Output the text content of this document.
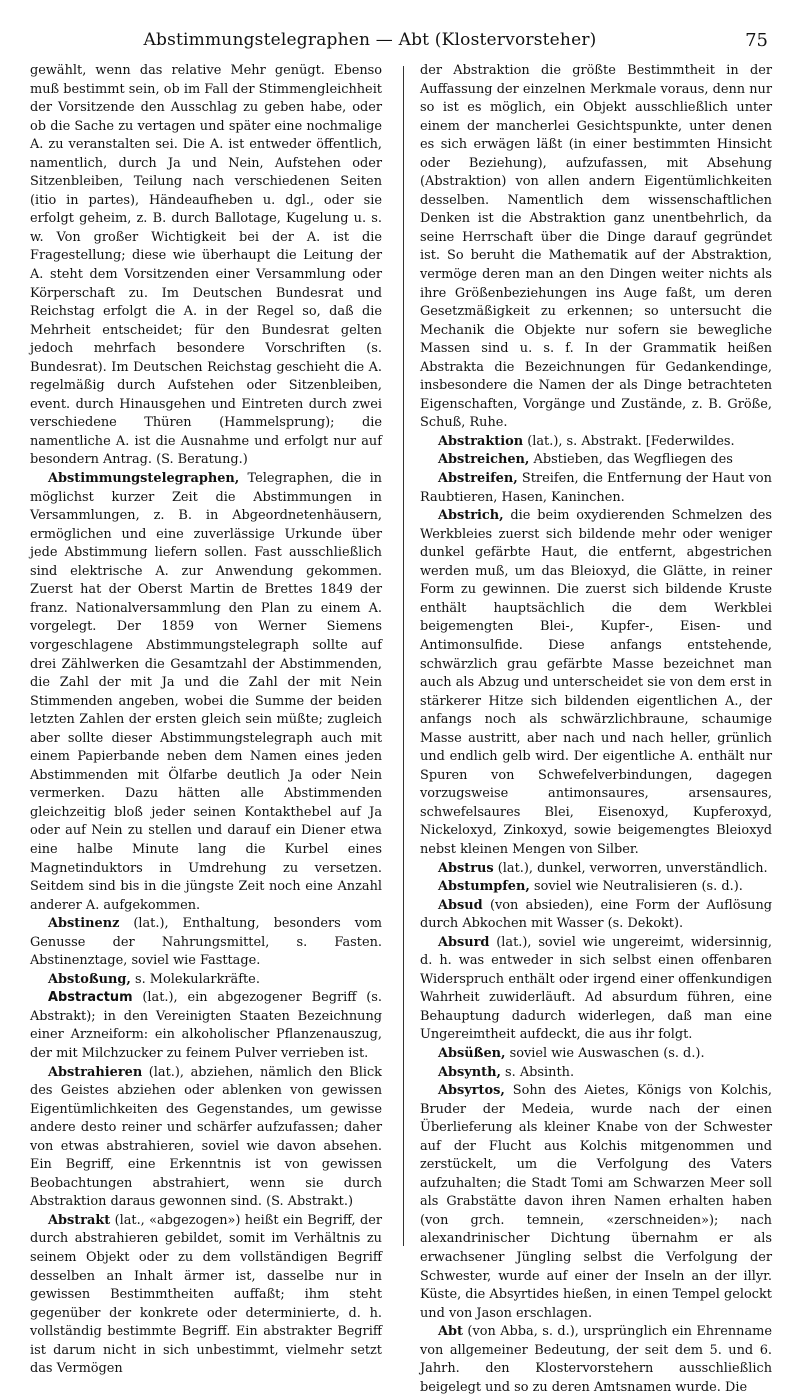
Abstimmungstelegraphen — Abt (Klostervorsteher)	75

gewählt, wenn das relative Mehr genügt. Ebenso muß bestimmt sein, ob im Fall der Stimmengleichheit der Vorsitzende den Ausschlag zu geben habe, oder ob die Sache zu vertagen und später eine nochmalige A. zu veranstalten sei. Die A. ist entweder öffentlich, namentlich, durch Ja und Nein, Aufstehen oder Sitzenbleiben, Teilung nach verschiedenen Seiten (itio in partes), Händeaufheben u. dgl., oder sie erfolgt geheim, z. B. durch Ballotage, Kugelung u. s. w. Von großer Wichtigkeit bei der A. ist die Fragestellung; diese wie überhaupt die Leitung der A. steht dem Vorsitzenden einer Versammlung oder Körperschaft zu. Im Deutschen Bundesrat und Reichstag erfolgt die A. in der Regel so, daß die Mehrheit entscheidet; für den Bundesrat gelten jedoch mehrfach besondere Vorschriften (s. Bundesrat). Im Deutschen Reichstag geschieht die A. regelmäßig durch Aufstehen oder Sitzenbleiben, event. durch Hinausgehen und Eintreten durch zwei verschiedene Thüren (Hammelsprung); die namentliche A. ist die Ausnahme und erfolgt nur auf besondern Antrag. (S. Beratung.)

Abstimmungstelegraphen, Telegraphen, die in möglichst kurzer Zeit die Abstimmungen in Versammlungen, z. B. in Abgeordnetenhäusern, ermöglichen und eine zuverlässige Urkunde über jede Abstimmung liefern sollen. Fast ausschließlich sind elektrische A. zur Anwendung gekommen. Zuerst hat der Oberst Martin de Brettes 1849 der franz. Nationalversammlung den Plan zu einem A. vorgelegt. Der 1859 von Werner Siemens vorgeschlagene Abstimmungstelegraph sollte auf drei Zählwerken die Gesamtzahl der Abstimmenden, die Zahl der mit Ja und die Zahl der mit Nein Stimmenden angeben, wobei die Summe der beiden letzten Zahlen der ersten gleich sein müßte; zugleich aber sollte dieser Abstimmungstelegraph auch mit einem Papierbande neben dem Namen eines jeden Abstimmenden mit Ölfarbe deutlich Ja oder Nein vermerken. Dazu hätten alle Abstimmenden gleichzeitig bloß jeder seinen Kontakthebel auf Ja oder auf Nein zu stellen und darauf ein Diener etwa eine halbe Minute lang die Kurbel eines Magnetinduktors in Umdrehung zu versetzen. Seitdem sind bis in die jüngste Zeit noch eine Anzahl anderer A. aufgekommen.

Abstinenz (lat.), Enthaltung, besonders vom Genusse der Nahrungsmittel, s. Fasten. Abstinenztage, soviel wie Fasttage.

Abstoßung, s. Molekularkräfte.

Abstractum (lat.), ein abgezogener Begriff (s. Abstrakt); in den Vereinigten Staaten Bezeichnung einer Arzneiform: ein alkoholischer Pflanzenauszug, der mit Milchzucker zu feinem Pulver verrieben ist.

Abstrahieren (lat.), abziehen, nämlich den Blick des Geistes abziehen oder ablenken von gewissen Eigentümlichkeiten des Gegenstandes, um gewisse andere desto reiner und schärfer aufzufassen; daher von etwas abstrahieren, soviel wie davon absehen. Ein Begriff, eine Erkenntnis ist von gewissen Beobachtungen abstrahiert, wenn sie durch Abstraktion daraus gewonnen sind. (S. Abstrakt.)

Abstrakt (lat., «abgezogen») heißt ein Begriff, der durch abstrahieren gebildet, somit im Verhältnis zu seinem Objekt oder zu dem vollständigen Begriff desselben an Inhalt ärmer ist, dasselbe nur in gewissen Bestimmtheiten auffaßt; ihm steht gegenüber der konkrete oder determinierte, d. h. vollständig bestimmte Begriff. Ein abstrakter Begriff ist darum nicht in sich unbestimmt, vielmehr setzt das Vermögen

der Abstraktion die größte Bestimmtheit in der Auffassung der einzelnen Merkmale voraus, denn nur so ist es möglich, ein Objekt ausschließlich unter einem der mancherlei Gesichtspunkte, unter denen es sich erwägen läßt (in einer bestimmten Hinsicht oder Beziehung), aufzufassen, mit Absehung (Abstraktion) von allen andern Eigentümlichkeiten desselben. Namentlich dem wissenschaftlichen Denken ist die Abstraktion ganz unentbehrlich, da seine Herrschaft über die Dinge darauf gegründet ist. So beruht die Mathematik auf der Abstraktion, vermöge deren man an den Dingen weiter nichts als ihre Größenbeziehungen ins Auge faßt, um deren Gesetzmäßigkeit zu erkennen; so untersucht die Mechanik die Objekte nur sofern sie bewegliche Massen sind u. s. f. In der Grammatik heißen Abstrakta die Bezeichnungen für Gedankendinge, insbesondere die Namen der als Dinge betrachteten Eigenschaften, Vorgänge und Zustände, z. B. Größe, Schuß, Ruhe.

Abstraktion (lat.), s. Abstrakt. [Federwildes.

Abstreichen, Abstieben, das Wegfliegen des

Abstreifen, Streifen, die Entfernung der Haut von Raubtieren, Hasen, Kaninchen.

Abstrich, die beim oxydierenden Schmelzen des Werkbleies zuerst sich bildende mehr oder weniger dunkel gefärbte Haut, die entfernt, abgestrichen werden muß, um das Bleioxyd, die Glätte, in reiner Form zu gewinnen. Die zuerst sich bildende Kruste enthält hauptsächlich die dem Werkblei beigemengten Blei-, Kupfer-, Eisen- und Antimonsulfide. Diese anfangs entstehende, schwärzlich grau gefärbte Masse bezeichnet man auch als Abzug und unterscheidet sie von dem erst in stärkerer Hitze sich bildenden eigentlichen A., der anfangs noch als schwärzlichbraune, schaumige Masse austritt, aber nach und nach heller, grünlich und endlich gelb wird. Der eigentliche A. enthält nur Spuren von Schwefelverbindungen, dagegen vorzugsweise antimonsaures, arsensaures, schwefelsaures Blei, Eisenoxyd, Kupferoxyd, Nickeloxyd, Zinkoxyd, sowie beigemengtes Bleioxyd nebst kleinen Mengen von Silber.

Abstrus (lat.), dunkel, verworren, unverständlich.

Abstumpfen, soviel wie Neutralisieren (s. d.).

Absud (von absieden), eine Form der Auflösung durch Abkochen mit Wasser (s. Dekokt).

Absurd (lat.), soviel wie ungereimt, widersinnig, d. h. was entweder in sich selbst einen offenbaren Widerspruch enthält oder irgend einer offenkundigen Wahrheit zuwiderläuft. Ad absurdum führen, eine Behauptung dadurch widerlegen, daß man eine Ungereimtheit aufdeckt, die aus ihr folgt.

Absüßen, soviel wie Auswaschen (s. d.).

Absynth, s. Absinth.

Absyrtos, Sohn des Aietes, Königs von Kolchis, Bruder der Medeia, wurde nach der einen Überlieferung als kleiner Knabe von der Schwester auf der Flucht aus Kolchis mitgenommen und zerstückelt, um die Verfolgung des Vaters aufzuhalten; die Stadt Tomi am Schwarzen Meer soll als Grabstätte davon ihren Namen erhalten haben (von grch. temnein, «zerschneiden»); nach alexandrinischer Dichtung übernahm er als erwachsener Jüngling selbst die Verfolgung der Schwester, wurde auf einer der Inseln an der illyr. Küste, die Absyrtides hießen, in einen Tempel gelockt und von Jason erschlagen.

Abt (von Abba, s. d.), ursprünglich ein Ehrenname von allgemeiner Bedeutung, der seit dem 5. und 6. Jahrh. den Klostervorstehern ausschließlich beigelegt und so zu deren Amtsnamen wurde. Die
